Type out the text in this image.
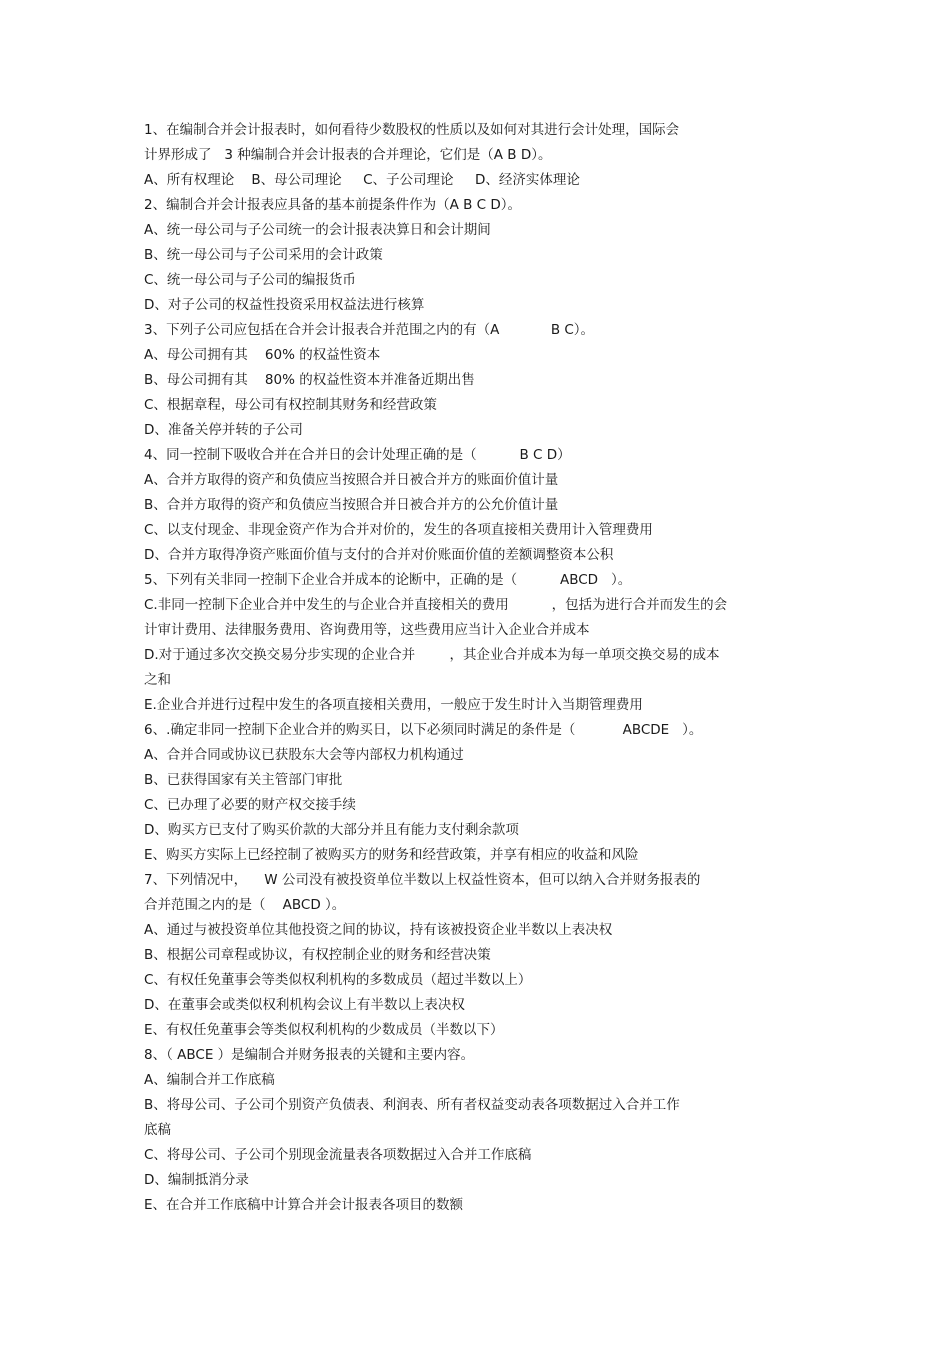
1、在编制合并会计报表时，如何看待少数股权的性质以及如何对其进行会计处理，国际会
计界形成了   3 种编制合并会计报表的合并理论，它们是（A B D）。
A、所有权理论    B、母公司理论     C、子公司理论     D、经济实体理论
2、编制合并会计报表应具备的基本前提条件作为（A B C D）。
A、统一母公司与子公司统一的会计报表决算日和会计期间
B、统一母公司与子公司采用的会计政策
C、统一母公司与子公司的编报货币
D、对子公司的权益性投资采用权益法进行核算
3、下列子公司应包括在合并会计报表合并范围之内的有（A            B C）。
A、母公司拥有其    60% 的权益性资本
B、母公司拥有其    80% 的权益性资本并准备近期出售
C、根据章程，母公司有权控制其财务和经营政策
D、准备关停并转的子公司
4、同一控制下吸收合并在合并日的会计处理正确的是（          B C D）
A、合并方取得的资产和负债应当按照合并日被合并方的账面价值计量
B、合并方取得的资产和负债应当按照合并日被合并方的公允价值计量
C、以支付现金、非现金资产作为合并对价的，发生的各项直接相关费用计入管理费用
D、合并方取得净资产账面价值与支付的合并对价账面价值的差额调整资本公积
5、下列有关非同一控制下企业合并成本的论断中，正确的是（          ABCD   ）。
C.非同一控制下企业合并中发生的与企业合并直接相关的费用          ，包括为进行合并而发生的会
计审计费用、法律服务费用、咨询费用等，这些费用应当计入企业合并成本
D.对于通过多次交换交易分步实现的企业合并        ，其企业合并成本为每一单项交换交易的成本
之和
E.企业合并进行过程中发生的各项直接相关费用，一般应于发生时计入当期管理费用
6、.确定非同一控制下企业合并的购买日，以下必须同时满足的条件是（           ABCDE   ）。
A、合并合同或协议已获股东大会等内部权力机构通过
B、已获得国家有关主管部门审批
C、已办理了必要的财产权交接手续
D、购买方已支付了购买价款的大部分并且有能力支付剩余款项
E、购买方实际上已经控制了被购买方的财务和经营政策，并享有相应的收益和风险
7、下列情况中，    W 公司没有被投资单位半数以上权益性资本，但可以纳入合并财务报表的
合并范围之内的是（    ABCD ）。
A、通过与被投资单位其他投资之间的协议，持有该被投资企业半数以上表决权
B、根据公司章程或协议，有权控制企业的财务和经营决策
C、有权任免董事会等类似权利机构的多数成员（超过半数以上）
D、在董事会或类似权利机构会议上有半数以上表决权
E、有权任免董事会等类似权利机构的少数成员（半数以下）
8、（ ABCE ）是编制合并财务报表的关键和主要内容。
A、编制合并工作底稿
B、将母公司、子公司个别资产负债表、利润表、所有者权益变动表各项数据过入合并工作
底稿
C、将母公司、子公司个别现金流量表各项数据过入合并工作底稿
D、编制抵消分录
E、在合并工作底稿中计算合并会计报表各项目的数额
